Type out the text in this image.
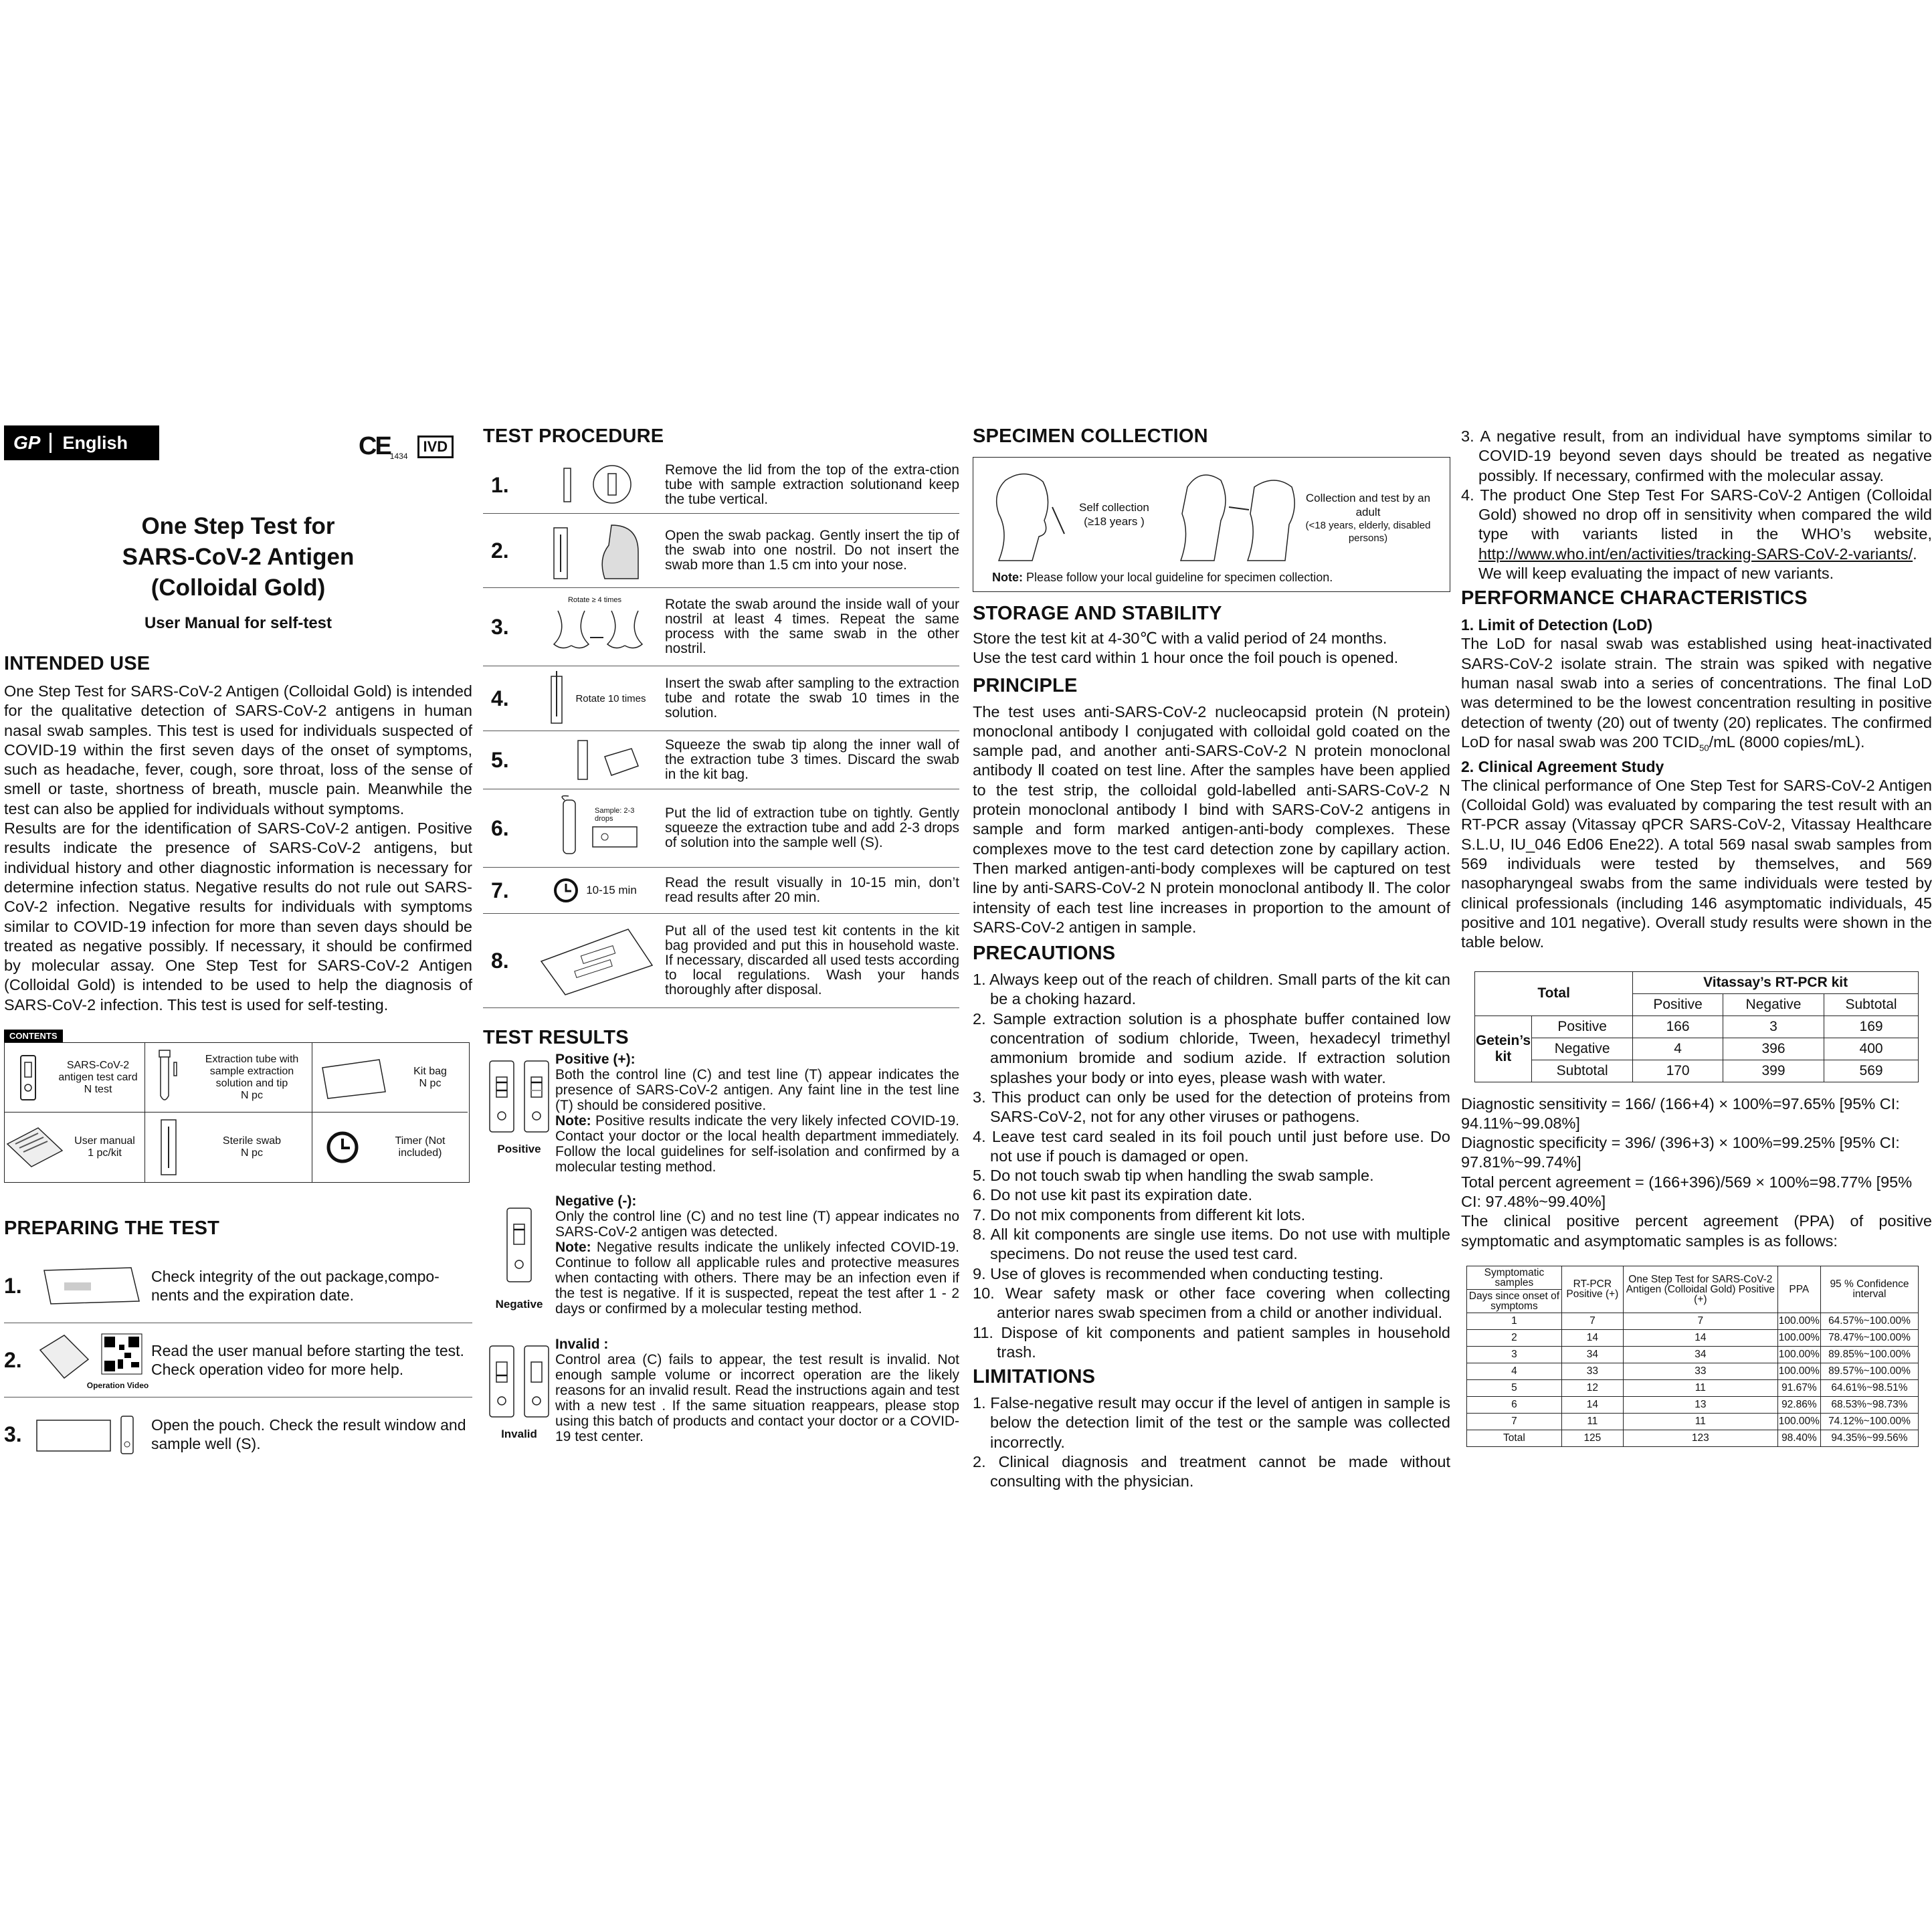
GP	English	CE1434
IVD
One Step Test for
SARS-CoV-2 Antigen
(Colloidal Gold)
User Manual for self-test
INTENDED USE

One Step Test for SARS-CoV-2 Antigen (Colloidal Gold) is intended for the qualitative detection of SARS-CoV-2 antigens in human nasal swab samples. This test is used for individuals suspected of COVID-19 within the first seven days of the onset of symptoms, such as headache, fever, cough, sore throat, loss of the sense of smell or taste, shortness of breath, muscle pain. Meanwhile the test can also be applied for individuals without symptoms.

Results are for the identification of SARS-CoV-2 antigen. Positive results indicate the presence of SARS-CoV-2 antigens, but individual history and other diagnostic information is necessary for determine infection status. Negative results do not rule out SARS-CoV-2 infection. Negative results for individuals with symptoms similar to COVID-19 infection for more than seven days should be treated as negative possibly. If necessary, it should be confirmed by molecular assay. One Step Test for SARS-CoV-2 Antigen (Colloidal Gold) is intended to be used to help the diagnosis of SARS-CoV-2 infection. This test is used for self-testing.

CONTENTS
SARS-CoV-2 antigen test card
N test
Extraction tube with sample extraction solution and tip
N pc
Kit bag
N pc
User manual
1 pc/kit
Sterile swab
N pc
Timer (Not
included)
PREPARING THE TEST
1.	Check integrity of the out package,compo-nents and the expiration date.
2.
Operation Video
Read the user manual before starting the test. Check operation video for more help.
3.	Open the pouch. Check the result window and sample well (S).
TEST PROCEDURE
1.
Remove the lid from the top of the extra-ction tube with sample extraction solutionand keep the tube vertical.
2.
Open the swab packag. Gently insert the tip of the swab into one nostril. Do not insert the swab more than 1.5 cm into your nose.
3.
Rotate ≥ 4 times	Rotate the swab around the inside wall of your nostril at least 4 times. Repeat the same process with the same swab in the other nostril.
4.	Rotate 10 times
Insert the swab after sampling to the extraction tube and rotate the swab 10 times in the solution.
5.
Squeeze the swab tip along the inner wall of the extraction tube 3 times. Discard the swab in the kit bag.
6.
Sample: 2-3 drops	Put the lid of extraction tube on tightly. Gently squeeze the extraction tube and add 2-3 drops of solution into the sample well (S).
7.	10-15 min Read the result visually in 10-15 min, don’t read results after 20 min.
8.
Put all of the used test kit contents in the kit bag provided and put this in household waste. If necessary, discarded all used tests according to local regulations. Wash your hands thoroughly after disposal.
TEST RESULTS
Positive
Positive (+):

Both the control line (C) and test line (T) appear indicates the presence of SARS-CoV-2 antigen. Any faint line in the test line (T) should be considered positive.

Note: Positive results indicate the very likely infected COVID-19. Contact your doctor or the local health department immediately. Follow the local guidelines for self-isolation and confirmed by a molecular testing method.

Negative
Negative (-):

Only the control line (C) and no test line (T) appear indicates no SARS-CoV-2 antigen was detected.

Note: Negative results indicate the unlikely infected COVID-19. Continue to follow all applicable rules and protective measures when contacting with others. There may be an infection even if the test is negative. If it is suspected, repeat the test after 1 - 2 days or confirmed by a molecular testing method.

Invalid
Invalid :

Control area (C) fails to appear, the test result is invalid. Not enough sample volume or incorrect operation are the likely reasons for an invalid result. Read the instructions again and test with a new test . If the same situation reappears, please stop using this batch of products and contact your doctor or a COVID-19 test center.

SPECIMEN COLLECTION
Self collection
(≥18 years )
Collection and test by an adult
(<18 years, elderly, disabled persons)
Note: Please follow your local guideline for specimen collection.
STORAGE AND STABILITY

Store the test kit at 4-30℃ with a valid period of 24 months.

Use the test card within 1 hour once the foil pouch is opened.

PRINCIPLE

The test uses anti-SARS-CoV-2 nucleocapsid protein (N protein) monoclonal antibody Ⅰ conjugated with colloidal gold coated on the sample pad, and another anti-SARS-CoV-2 N protein monoclonal antibody Ⅱ coated on test line. After the samples have been applied to the test strip, the colloidal gold-labelled anti-SARS-CoV-2 N protein monoclonal antibody Ⅰ bind with SARS-CoV-2 antigens in sample and form marked antigen-anti-body complexes. These complexes move to the test card detection zone by capillary action. Then marked antigen-anti-body complexes will be captured on test line by anti-SARS-CoV-2 N protein monoclonal antibody Ⅱ. The color intensity of each test line increases in proportion to the amount of SARS-CoV-2 antigen in sample.

PRECAUTIONS
1. Always keep out of the reach of children. Small parts of the kit can be a choking hazard.
2. Sample extraction solution is a phosphate buffer contained low concentration of sodium chloride, Tween, hexadecyl trimethyl ammonium bromide and sodium azide. If extraction solution splashes your body or into eyes, please wash with water.
3. This product can only be used for the detection of proteins from SARS-CoV-2, not for any other viruses or pathogens.
4. Leave test card sealed in its foil pouch until just before use. Do not use if pouch is damaged or open.
5. Do not touch swab tip when handling the swab sample.
6. Do not use kit past its expiration date.
7. Do not mix components from different kit lots.
8. All kit components are single use items. Do not use with multiple specimens. Do not reuse the used test card.
9. Use of gloves is recommended when conducting testing.
10. Wear safety mask or other face covering when collecting anterior nares swab specimen from a child or another individual.
11. Dispose of kit components and patient samples in household trash.
LIMITATIONS
1. False-negative result may occur if the level of antigen in sample is below the detection limit of the test or the sample was collected incorrectly.
2. Clinical diagnosis and treatment cannot be made without consulting with the physician.
3. A negative result, from an individual have symptoms similar to COVID-19 beyond seven days should be treated as negative possibly. If necessary, confirmed with the molecular assay.
4. The product One Step Test For SARS-CoV-2 Antigen (Colloidal Gold) showed no drop off in sensitivity when compared the wild type with variants listed in the WHO’s website, http://www.who.int/en/activities/tracking-SARS-CoV-2-variants/. We will keep evaluating the impact of new variants.
PERFORMANCE CHARACTERISTICS
1. Limit of Detection (LoD)

The LoD for nasal swab was established using heat-inactivated SARS-CoV-2 isolate strain. The strain was spiked with negative human nasal swab into a series of concentrations. The final LoD was determined to be the lowest concentration resulting in positive detection of twenty (20) out of twenty (20) replicates. The confirmed LoD for nasal swab was 200 $TCID_{50}/mL$ (8000 copies/mL).

2. Clinical Agreement Study

The clinical performance of One Step Test for SARS-CoV-2 Antigen (Colloidal Gold) was evaluated by comparing the test result with an RT-PCR assay (Vitassay qPCR SARS-CoV-2, Vitassay Healthcare S.L.U, IU_046 Ed06 Ene22). A total 569 nasal swab samples from 569 individuals were tested by themselves, and 569 nasopharyngeal swabs from the same individuals were tested by clinical professionals (including 146 asymptomatic individuals, 45 positive and 101 negative). Overall study results were shown in the table below.

Total		Vitassay’s RT-PCR kit		
		Positive	Negative	Subtotal
Getein’s kit	Positive	166	3	169
	Negative	4	396	400
	Subtotal	170	399	569

Diagnostic sensitivity = 166/ (166+4) × 100%=97.65% [95% CI: 94.11%~99.08%]

Diagnostic specificity = 396/ (396+3) × 100%=99.25% [95% CI: 97.81%~99.74%]

Total percent agreement = (166+396)/569 × 100%=98.77% [95% CI: 97.48%~99.40%]

The clinical positive percent agreement (PPA) of positive symptomatic and asymptomatic samples is as follows:

Symptomatic samples	RT-PCR Positive (+)	One Step Test for SARS-CoV-2 Antigen (Colloidal Gold) Positive (+)	PPA	95 % Confidence interval
Days since onset of symptoms				
1	7	7	100.00%	64.57%~100.00%
2	14	14	100.00%	78.47%~100.00%
3	34	34	100.00%	89.85%~100.00%
4	33	33	100.00%	89.57%~100.00%
5	12	11	91.67%	64.61%~98.51%
6	14	13	92.86%	68.53%~98.73%
7	11	11	100.00%	74.12%~100.00%
Total	125	123	98.40%	94.35%~99.56%
